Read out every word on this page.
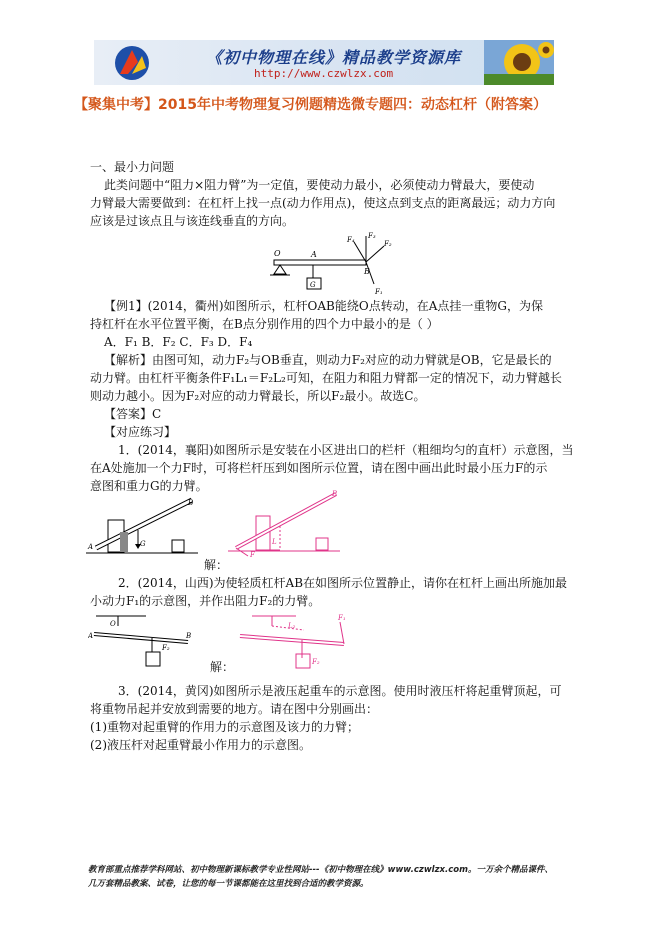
《初中物理在线》精品教学资源库
http://www.czwlzx.com
【聚集中考】2015年中考物理复习例题精选微专题四：动态杠杆（附答案）
一、最小力问题
此类问题中“阻力×阻力臂”为一定值，要使动力最小，必须使动力臂最大，要使动
力臂最大需要做到：在杠杆上找一点(动力作用点)，使这点到支点的距离最远；动力方向
应该是过该点且与该连线垂直的方向。
O	A
B
G
F₄ F₃
F₂
F₁
【例1】(2014，衢州)如图所示，杠杆OAB能绕O点转动，在A点挂一重物G，为保
持杠杆在水平位置平衡，在B点分别作用的四个力中最小的是（ ）
A．F₁ B．F₂ C．F₃ D．F₄
【解析】由图可知，动力F₂与OB垂直，则动力F₂对应的动力臂就是OB，它是最长的
动力臂。由杠杆平衡条件F₁L₁＝F₂L₂可知，在阻力和阻力臂都一定的情况下，动力臂越长
则动力越小。因为F₂对应的动力臂最长，所以F₂最小。故选C。
【答案】C
【对应练习】
1．(2014，襄阳)如图所示是安装在小区进出口的栏杆（粗细均匀的直杆）示意图，当
在A处施加一个力F时，可将栏杆压到如图所示位置，请在图中画出此时最小压力F的示
意图和重力G的力臂。
A
B
G
B
F
L
解：
2．(2014，山西)为使轻质杠杆AB在如图所示位置静止，请你在杠杆上画出所施加最
小动力F₁的示意图，并作出阻力F₂的力臂。
A
O
B
F₂
F₁
L₂
F₂
解：
3．(2014，黄冈)如图所示是液压起重车的示意图。使用时液压杆将起重臂顶起，可
将重物吊起并安放到需要的地方。请在图中分别画出：
(1)重物对起重臂的作用力的示意图及该力的力臂；
(2)液压杆对起重臂最小作用力的示意图。
教育部重点推荐学科网站、初中物理新课标教学专业性网站---《初中物理在线》www.czwlzx.com。一万余个精品课件、
几万套精品教案、试卷，让您的每一节课都能在这里找到合适的教学资源。
